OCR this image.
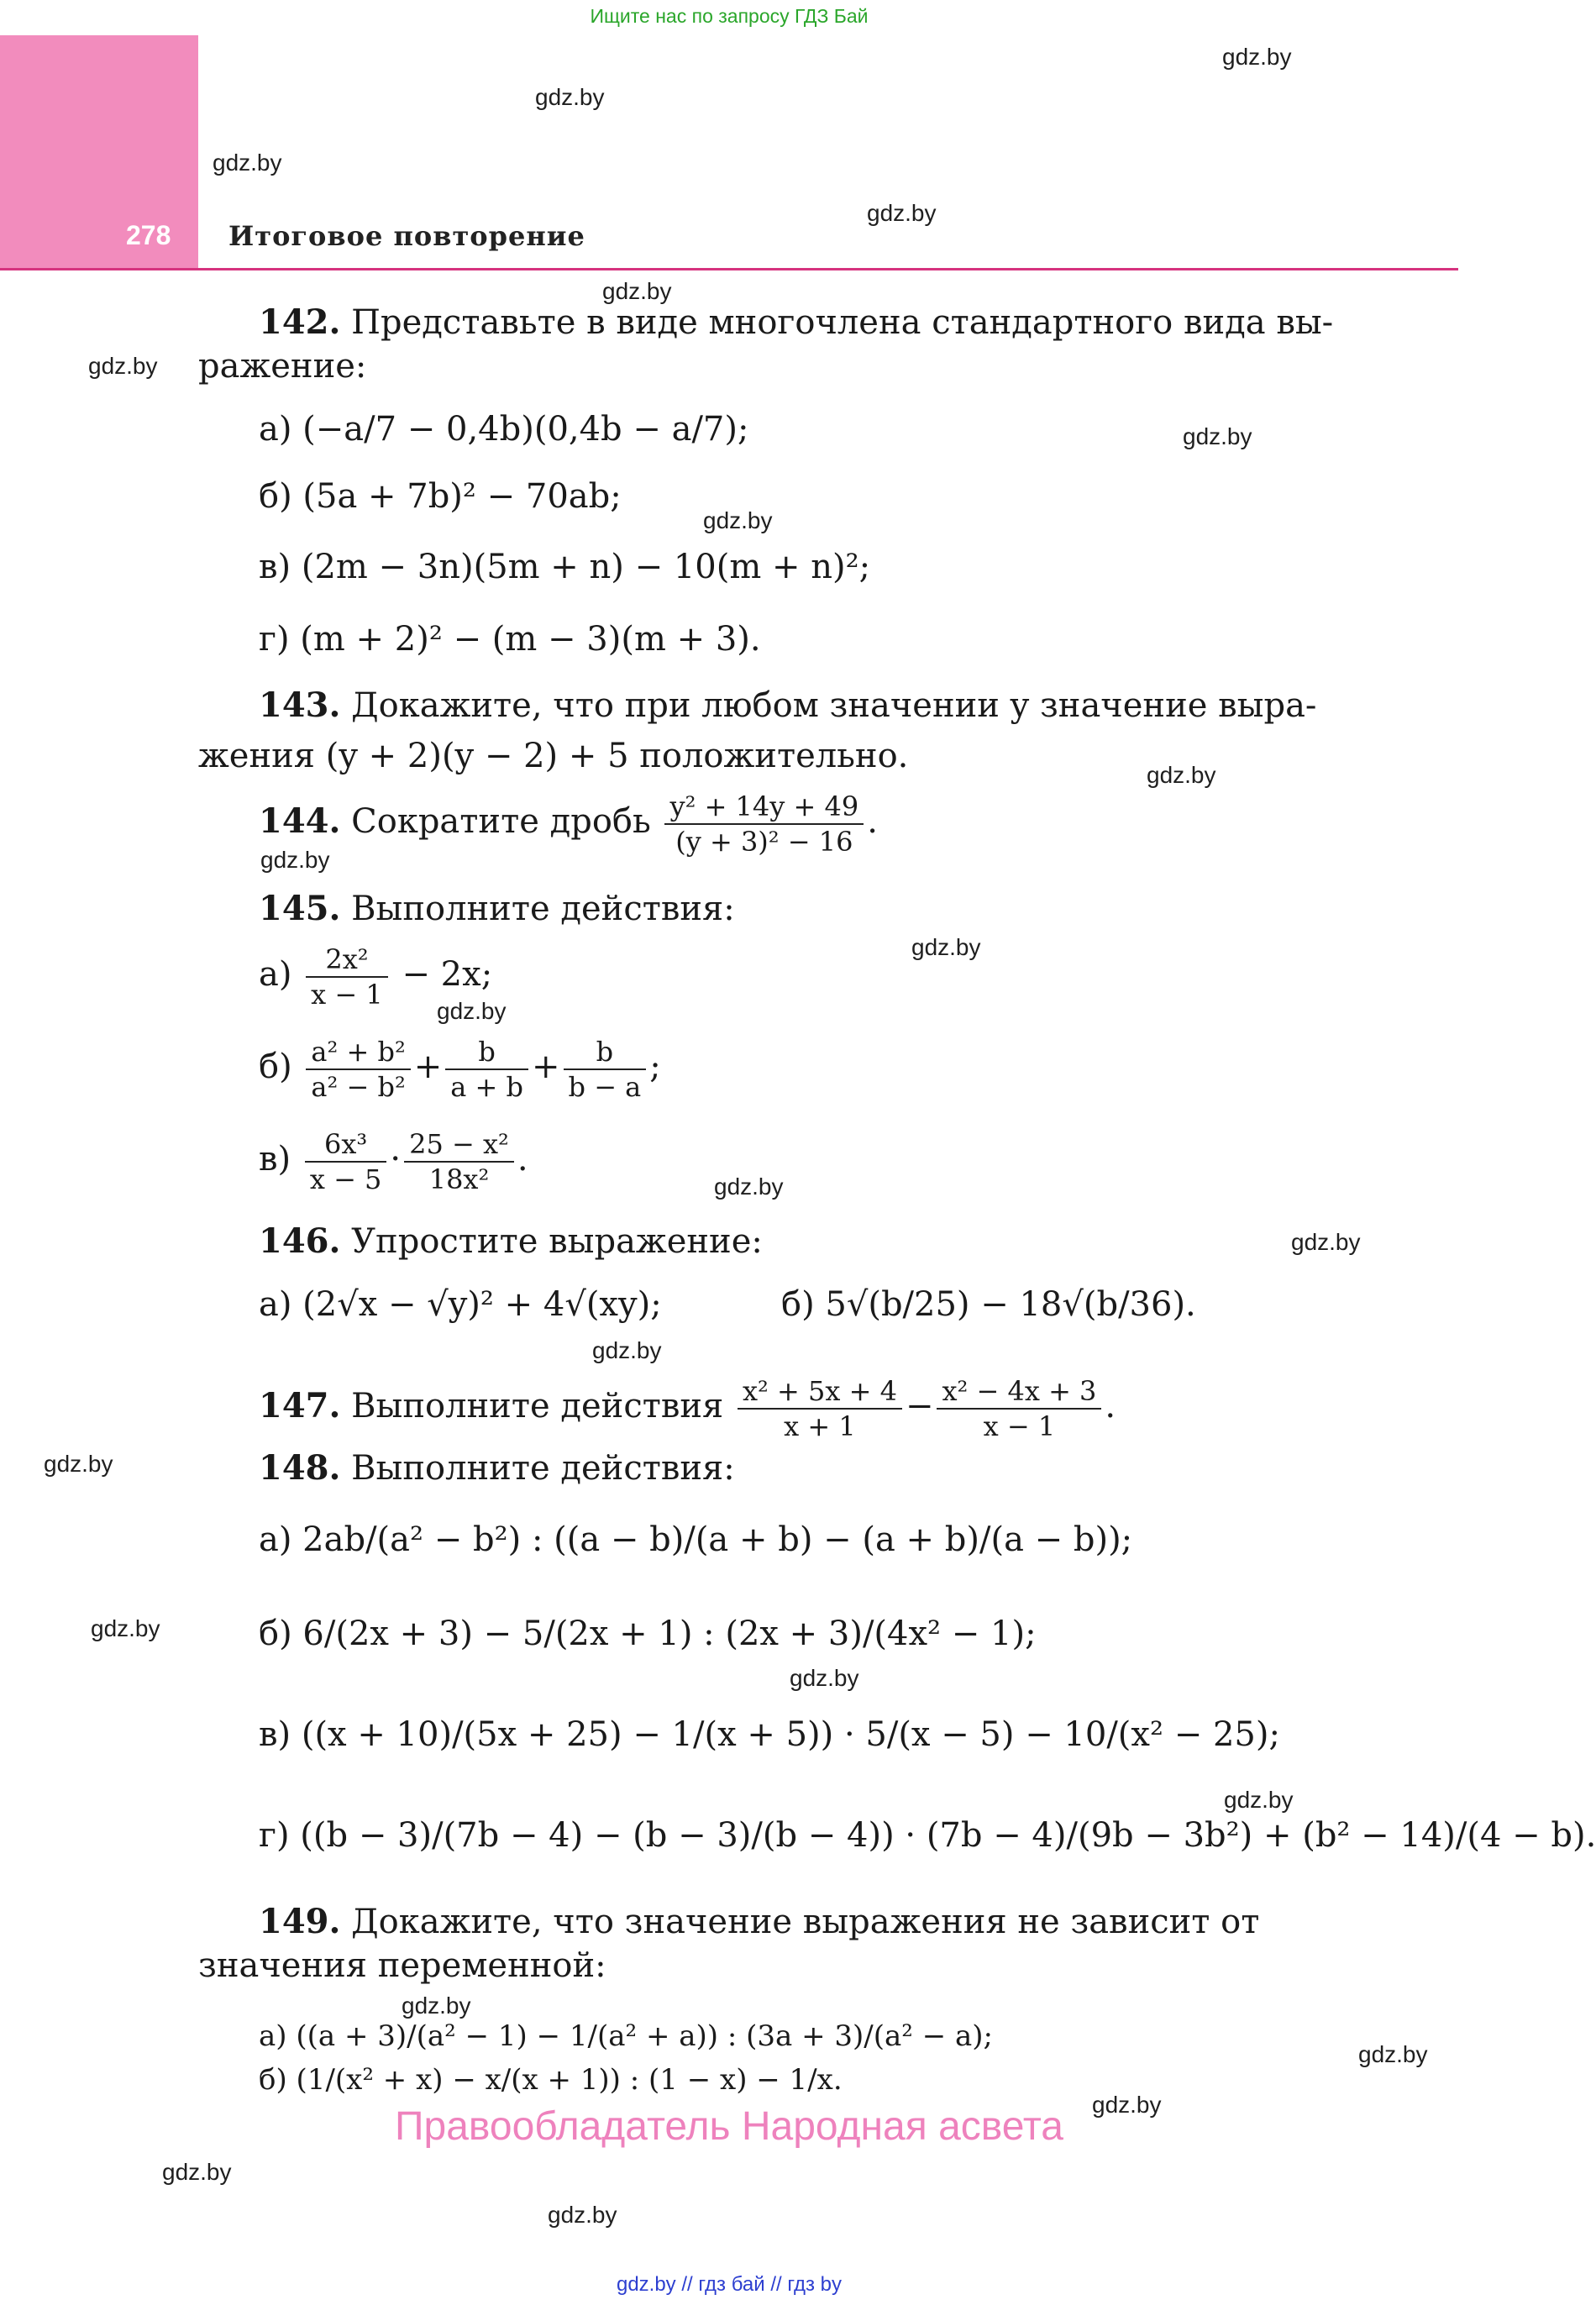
Ищите нас по запросу ГДЗ Бай
278 Итоговое повторение
gdz.by
gdz.by
gdz.by
gdz.by
gdz.by
gdz.by
gdz.by
gdz.by
gdz.by
gdz.by
gdz.by
gdz.by
gdz.by
gdz.by
gdz.by
gdz.by
gdz.by
gdz.by
gdz.by
gdz.by
gdz.by
gdz.by
gdz.by
gdz.by
142. Представьте в виде многочлена стандартного вида вы-
ражение:
а) (−a/7 − 0,4b)(0,4b − a/7);
б) (5a + 7b)² − 70ab;
в) (2m − 3n)(5m + n) − 10(m + n)²;
г) (m + 2)² − (m − 3)(m + 3).
143. Докажите, что при любом значении y значение выра-
жения (y + 2)(y − 2) + 5 положительно.
144. Сократите дробь $\frac{\text{y² + 14y + 49}}{\text{(y + 3)² − 16}}$ .
145. Выполните действия:
$а) \frac{\text{2x²}}{x - 1} - 2x$;
$б) \frac{\text{a² + b²}}{\text{a² − b²}} + \frac{b}{a + b} + \frac{b}{b - a}$ ;
$в) \frac{\text{6x³}}{x - 5} \cdot \frac{\text{25 − x²}}{\text{18x²}}$ .
146. Упростите выражение:
а) (2√x − √y)² + 4√(xy);	б) 5√(b/25) − 18√(b/36).
147. Выполните действия $\frac{\text{x² + 5x + 4}}{x + 1} - \frac{\text{x² − 4x + 3}}{x - 1}$ .
148. Выполните действия:
а) 2ab/(a² − b²) : ((a − b)/(a + b) − (a + b)/(a − b));
б) 6/(2x + 3) − 5/(2x + 1) : (2x + 3)/(4x² − 1);
в) ((x + 10)/(5x + 25) − 1/(x + 5)) · 5/(x − 5) − 10/(x² − 25);
г) ((b − 3)/(7b − 4) − (b − 3)/(b − 4)) · (7b − 4)/(9b − 3b²) + (b² − 14)/(4 − b).
149. Докажите, что значение выражения не зависит от
значения переменной:
а) ((a + 3)/(a² − 1) − 1/(a² + a)) : (3a + 3)/(a² − a);
б) (1/(x² + x) − x/(x + 1)) : (1 − x) − 1/x.
Правообладатель Народная асвета
gdz.by // гдз бай // гдз by
